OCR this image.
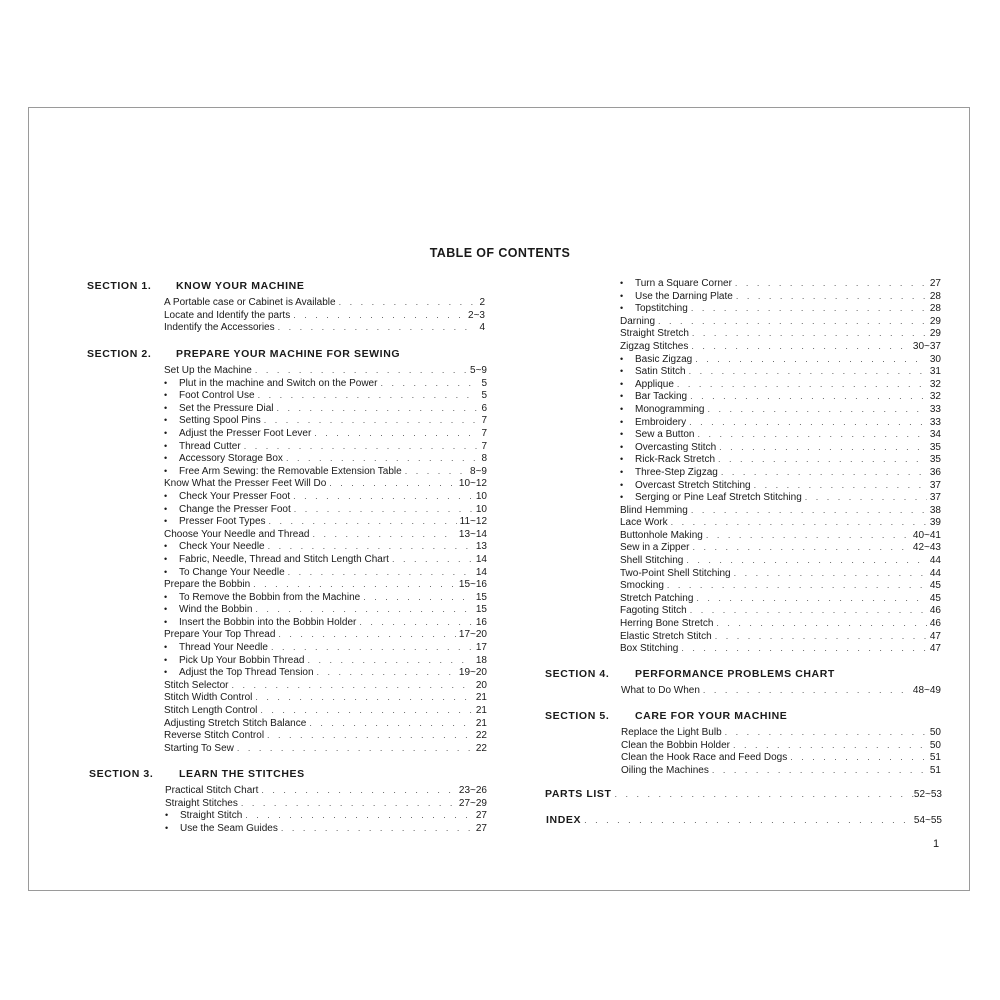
TABLE OF CONTENTS
SECTION 1. KNOW YOUR MACHINE
SECTION 2. PREPARE YOUR MACHINE FOR SEWING
SECTION 3. LEARN THE STITCHES
SECTION 4. PERFORMANCE PROBLEMS CHART
SECTION 5. CARE FOR YOUR MACHINE
A Portable case or Cabinet is Available . . .	2
Locate and Identify the parts . . .	2~3
Indentify the Accessories . . .	4
Set Up the Machine . . .	5~9
• Plut in the machine and Switch on the Power . . .	5
• Foot Control Use . . .	5
• Set the Pressure Dial . . .	6
• Setting Spool Pins . . .	7
• Adjust the Presser Foot Lever . . .	7
• Thread Cutter . . .	7
• Accessory Storage Box . . .	8
• Free Arm Sewing: the Removable Extension Table . . .	8~9
Know What the Presser Feet Will Do . . .	10~12
• Check Your Presser Foot . . .	10
• Change the Presser Foot . . .	10
• Presser Foot Types . . .	11~12
Choose Your Needle and Thread . . .	13~14
• Check Your Needle . . .	13
• Fabric, Needle, Thread and Stitch Length Chart . . .	14
• To Change Your Needle . . .	14
Prepare the Bobbin . . .	15~16
• To Remove the Bobbin from the Machine . . .	15
• Wind the Bobbin . . .	15
• Insert the Bobbin into the Bobbin Holder . . .	16
Prepare Your Top Thread . . .	17~20
• Thread Your Needle . . .	17
• Pick Up Your Bobbin Thread . . .	18
• Adjust the Top Thread Tension . . .	19~20
Stitch Selector . . .	20
Stitch Width Control . . .	21
Stitch Length Control . . .	21
Adjusting Stretch Stitch Balance . . .	21
Reverse Stitch Control . . .	22
Starting To Sew . . .	22
Practical Stitch Chart . . .	23~26
Straight Stitches . . .	27~29
• Straight Stitch . . .	27
• Use the Seam Guides . . .	27
• Turn a Square Corner . . .	27
• Use the Darning Plate . . .	28
• Topstitching . . .	28
Darning . . .	29
Straight Stretch . . .	29
Zigzag Stitches . . .	30~37
• Basic Zigzag . . .	30
• Satin Stitch . . .	31
• Applique . . .	32
• Bar Tacking . . .	32
• Monogramming . . .	33
• Embroidery . . .	33
• Sew a Button . . .	34
• Overcasting Stitch . . .	35
• Rick-Rack Stretch . . .	35
• Three-Step Zigzag . . .	36
• Overcast Stretch Stitching . . .	37
• Serging or Pine Leaf Stretch Stitching . . .	37
Blind Hemming . . .	38
Lace Work . . .	39
Buttonhole Making . . .	40~41
Sew in a Zipper . . .	42~43
Shell Stitching . . .	44
Two-Point Shell Stitching . . .	44
Smocking . . .	45
Stretch Patching . . .	45
Fagoting Stitch . . .	46
Herring Bone Stretch . . .	46
Elastic Stretch Stitch . . .	47
Box Stitching . . .	47
What to Do When . . .	48~49
Replace the Light Bulb . . .	50
Clean the Bobbin Holder . . .	50
Clean the Hook Race and Feed Dogs . . .	51
Oiling the Machines . . .	51
PARTS LIST . . .	52~53
INDEX . . .	54~55
1
